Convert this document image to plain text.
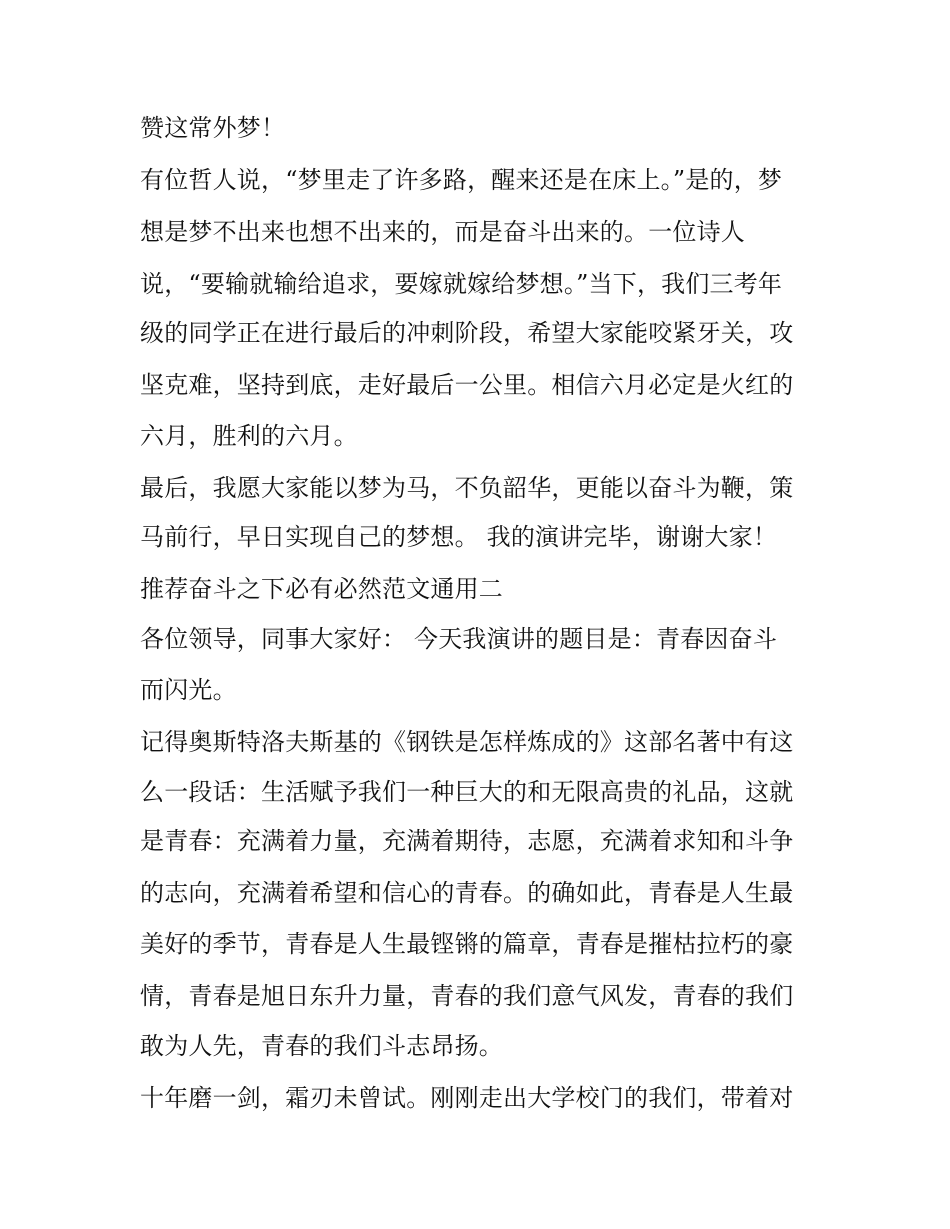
赞这常外梦！
有位哲人说，“梦里走了许多路，醒来还是在床上。”是的，梦
想是梦不出来也想不出来的，而是奋斗出来的。一位诗人
说，“要输就输给追求，要嫁就嫁给梦想。”当下，我们三考年
级的同学正在进行最后的冲刺阶段，希望大家能咬紧牙关，攻
坚克难，坚持到底，走好最后一公里。相信六月必定是火红的
六月，胜利的六月。
最后，我愿大家能以梦为马，不负韶华，更能以奋斗为鞭，策
马前行，早日实现自己的梦想。 我的演讲完毕，谢谢大家！
推荐奋斗之下必有必然范文通用二
各位领导，同事大家好： 今天我演讲的题目是：青春因奋斗
而闪光。
记得奥斯特洛夫斯基的《钢铁是怎样炼成的》这部名著中有这
么一段话：生活赋予我们一种巨大的和无限高贵的礼品，这就
是青春：充满着力量，充满着期待，志愿，充满着求知和斗争
的志向，充满着希望和信心的青春。的确如此，青春是人生最
美好的季节，青春是人生最铿锵的篇章，青春是摧枯拉朽的豪
情，青春是旭日东升力量，青春的我们意气风发，青春的我们
敢为人先，青春的我们斗志昂扬。
十年磨一剑，霜刃未曾试。刚刚走出大学校门的我们，带着对
